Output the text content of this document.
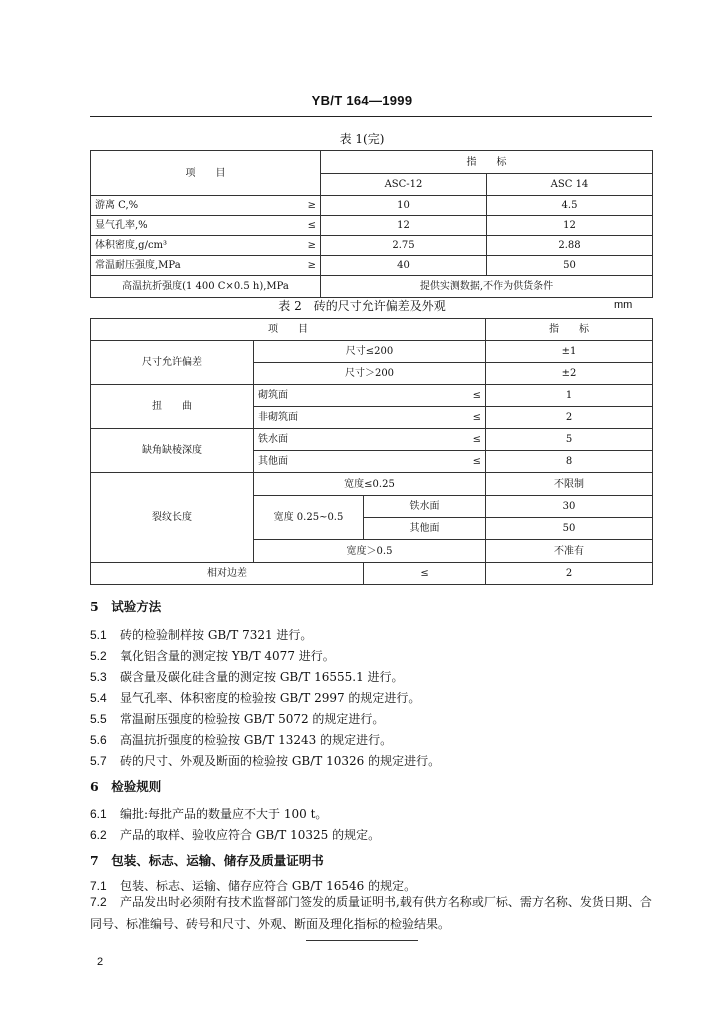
YB/T 164—1999
表 1(完)
项　　目	指　　标	
	ASC-12	ASC 14

游离 C,% ≥	10	4.5

显气孔率,% ≤	12	12

体积密度,g/cm³ ≥	2.75	2.88

常温耐压强度,MPa ≥	40	50
高温抗折强度(1 400 C×0.5 h),MPa	提供实测数据,不作为供货条件	
表 2　砖的尺寸允许偏差及外观	mm
项　　目			指　　标
尺寸允许偏差	尺寸≤200		±1
	尺寸＞200		±2
扭　　曲	砌筑面 ≤		1

	非砌筑面 ≤		2
缺角缺棱深度	铁水面 ≤		5

	其他面 ≤		8
裂纹长度	宽度≤0.25		不限制
	宽度 0.25~0.5	铁水面	30
		其他面	50
	宽度＞0.5		不准有
相对边差		≤	2
5　试验方法
5.1 砖的检验制样按 GB/T 7321 进行。
5.2 氧化铝含量的测定按 YB/T 4077 进行。
5.3 碳含量及碳化硅含量的测定按 GB/T 16555.1 进行。
5.4 显气孔率、体积密度的检验按 GB/T 2997 的规定进行。
5.5 常温耐压强度的检验按 GB/T 5072 的规定进行。
5.6 高温抗折强度的检验按 GB/T 13243 的规定进行。
5.7 砖的尺寸、外观及断面的检验按 GB/T 10326 的规定进行。
6　检验规则
6.1 编批:每批产品的数量应不大于 100 t。
6.2 产品的取样、验收应符合 GB/T 10325 的规定。
7　包装、标志、运输、储存及质量证明书
7.1 包装、标志、运输、储存应符合 GB/T 16546 的规定。
7.2 产品发出时必须附有技术监督部门签发的质量证明书,载有供方名称或厂标、需方名称、发货日期、合同号、标准编号、砖号和尺寸、外观、断面及理化指标的检验结果。
2
